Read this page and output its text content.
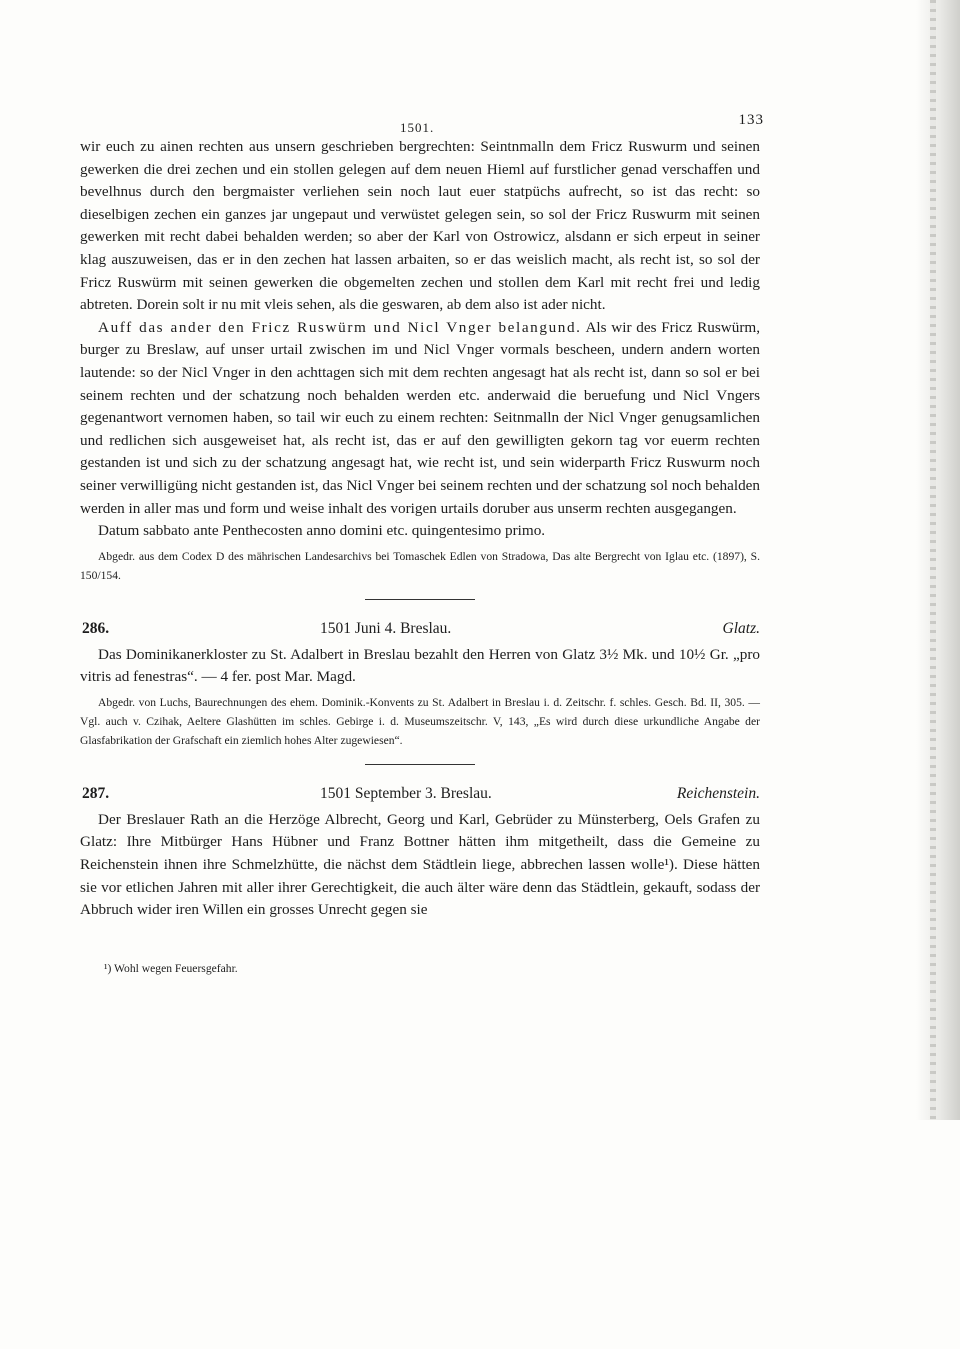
1501.	133

wir euch zu ainen rechten aus unsern geschrieben bergrechten: Seintnmalln dem Fricz Ruswurm und seinen gewerken die drei zechen und ein stollen gelegen auf dem neuen Hieml auf furstlicher genad verschaffen und bevelhnus durch den bergmaister verliehen sein noch laut euer statpüchs aufrecht, so ist das recht: so dieselbigen zechen ein ganzes jar ungepaut und verwüstet gelegen sein, so sol der Fricz Ruswurm mit seinen gewerken mit recht dabei behalden werden; so aber der Karl von Ostrowicz, alsdann er sich erpeut in seiner klag auszuweisen, das er in den zechen hat lassen arbaiten, so er das weislich macht, als recht ist, so sol der Fricz Ruswürm mit seinen gewerken die obgemelten zechen und stollen dem Karl mit recht frei und ledig abtreten. Dorein solt ir nu mit vleis sehen, als die geswaren, ab dem also ist ader nicht.

Auff das ander den Fricz Ruswürm und Nicl Vnger belangund. Als wir des Fricz Ruswürm, burger zu Breslaw, auf unser urtail zwischen im und Nicl Vnger vormals bescheen, undern andern worten lautende: so der Nicl Vnger in den achttagen sich mit dem rechten angesagt hat als recht ist, dann so sol er bei seinem rechten und der schatzung noch behalden werden etc. anderwaid die beruefung und Nicl Vngers gegenantwort vernomen haben, so tail wir euch zu einem rechten: Seitnmalln der Nicl Vnger genugsamlichen und redlichen sich ausgeweiset hat, als recht ist, das er auf den gewilligten gekorn tag vor euerm rechten gestanden ist und sich zu der schatzung angesagt hat, wie recht ist, und sein widerparth Fricz Ruswurm noch seiner verwilligüng nicht gestanden ist, das Nicl Vnger bei seinem rechten und der schatzung sol noch behalden werden in aller mas und form und weise inhalt des vorigen urtails doruber aus unserm rechten ausgegangen.

Datum sabbato ante Penthecosten anno domini etc. quingentesimo primo.

Abgedr. aus dem Codex D des mährischen Landesarchivs bei Tomaschek Edlen von Stradowa, Das alte Bergrecht von Iglau etc. (1897), S. 150/154.

286.	1501 Juni 4. Breslau.	Glatz.

Das Dominikanerkloster zu St. Adalbert in Breslau bezahlt den Herren von Glatz 3½ Mk. und 10½ Gr. „pro vitris ad fenestras“. — 4 fer. post Mar. Magd.

Abgedr. von Luchs, Baurechnungen des ehem. Dominik.-Konvents zu St. Adalbert in Breslau i. d. Zeitschr. f. schles. Gesch. Bd. II, 305. — Vgl. auch v. Czihak, Aeltere Glashütten im schles. Gebirge i. d. Museumszeitschr. V, 143, „Es wird durch diese urkundliche Angabe der Glasfabrikation der Grafschaft ein ziemlich hohes Alter zugewiesen“.

287.	1501 September 3. Breslau.	Reichenstein.

Der Breslauer Rath an die Herzöge Albrecht, Georg und Karl, Gebrüder zu Münsterberg, Oels Grafen zu Glatz: Ihre Mitbürger Hans Hübner und Franz Bottner hätten ihm mitgetheilt, dass die Gemeine zu Reichenstein ihnen ihre Schmelzhütte, die nächst dem Städtlein liege, abbrechen lassen wolle¹). Diese hätten sie vor etlichen Jahren mit aller ihrer Gerechtigkeit, die auch älter wäre denn das Städtlein, gekauft, sodass der Abbruch wider iren Willen ein grosses Unrecht gegen sie

¹) Wohl wegen Feuersgefahr.
